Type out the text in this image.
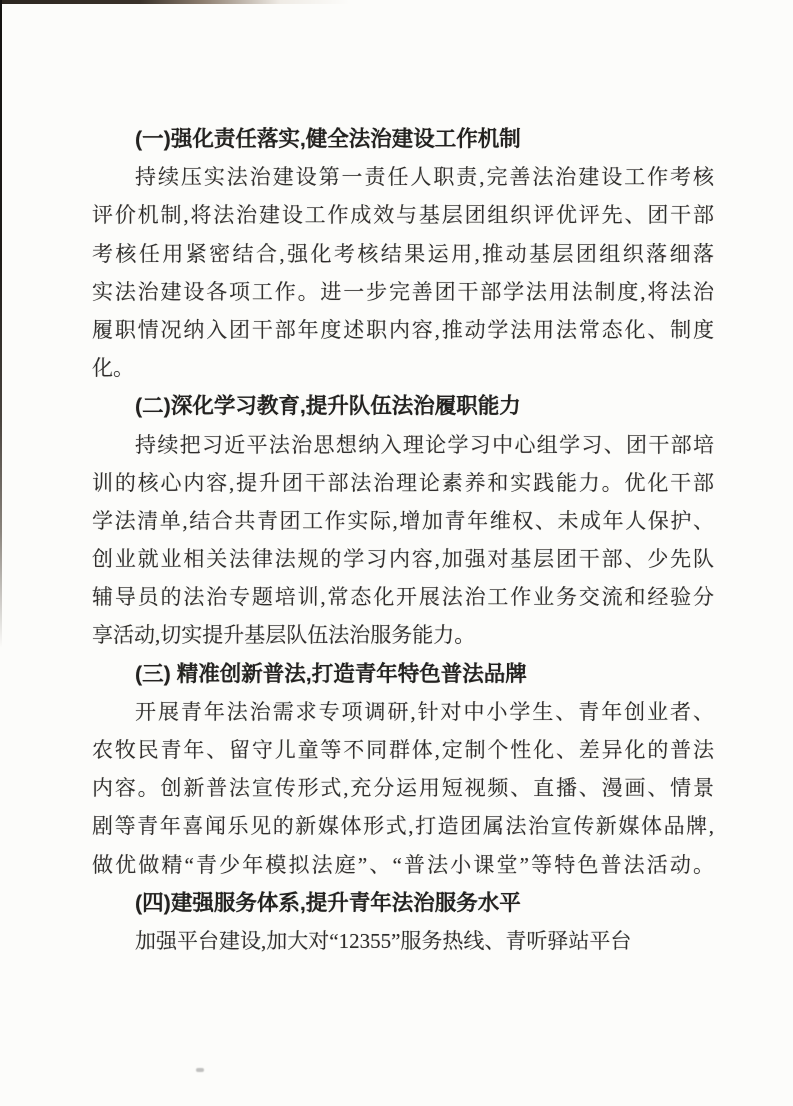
(一)强化责任落实,健全法治建设工作机制
持续压实法治建设第一责任人职责,完善法治建设工作考核
评价机制,将法治建设工作成效与基层团组织评优评先、团干部
考核任用紧密结合,强化考核结果运用,推动基层团组织落细落
实法治建设各项工作。进一步完善团干部学法用法制度,将法治
履职情况纳入团干部年度述职内容,推动学法用法常态化、制度
化。
(二)深化学习教育,提升队伍法治履职能力
持续把习近平法治思想纳入理论学习中心组学习、团干部培
训的核心内容,提升团干部法治理论素养和实践能力。优化干部
学法清单,结合共青团工作实际,增加青年维权、未成年人保护、
创业就业相关法律法规的学习内容,加强对基层团干部、少先队
辅导员的法治专题培训,常态化开展法治工作业务交流和经验分
享活动,切实提升基层队伍法治服务能力。
(三) 精准创新普法,打造青年特色普法品牌
开展青年法治需求专项调研,针对中小学生、青年创业者、
农牧民青年、留守儿童等不同群体,定制个性化、差异化的普法
内容。创新普法宣传形式,充分运用短视频、直播、漫画、情景
剧等青年喜闻乐见的新媒体形式,打造团属法治宣传新媒体品牌,
做优做精“青少年模拟法庭”、“普法小课堂”等特色普法活动。
(四)建强服务体系,提升青年法治服务水平
加强平台建设,加大对“12355”服务热线、青听驿站平台
